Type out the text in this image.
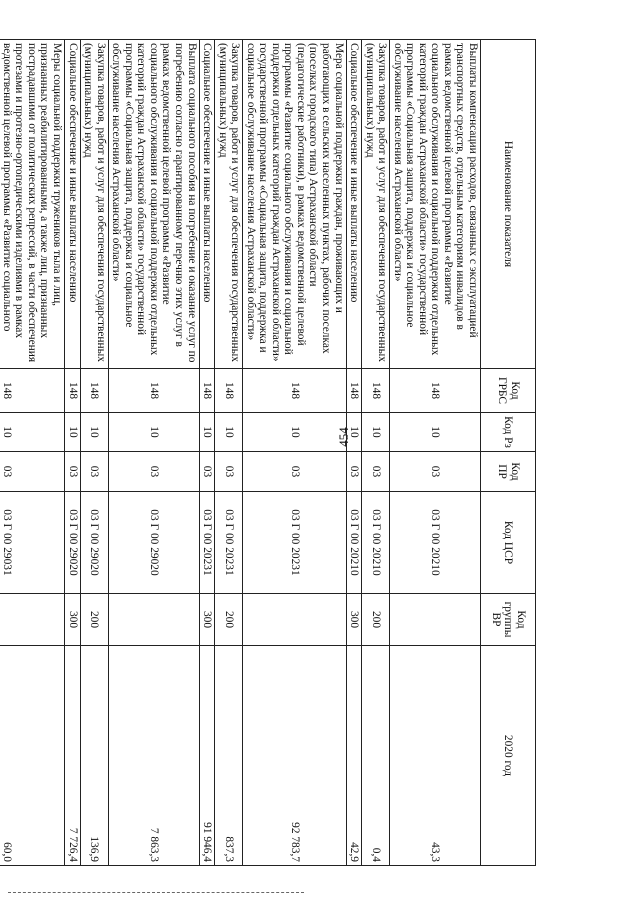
454
Наименование показателя	Код ГРБС	Код Рз	Код ПР	Код ЦСР	Код группы ВР	2020 год
Выплаты компенсации расходов, связанных с эксплуатацией транспортных средств, отдельным категориям инвалидов в рамках ведомственной целевой программы «Развитие социального обслуживания и социальной поддержки отдельных категорий граждан Астраханской области» государственной программы «Социальная защита, поддержка и социальное обслуживание населения Астраханской области»	148	10	03	03 Г 00 20210		43,3
Закупка товаров, работ и услуг для обеспечения государственных (муниципальных) нужд	148	10	03	03 Г 00 20210	200	0,4
Социальное обеспечение и иные выплаты населению	148	10	03	03 Г 00 20210	300	42,9
Мера социальной поддержки граждан, проживающих и работающих в сельских населенных пунктах, рабочих поселках (поселках городского типа) Астраханской области (педагогические работники), в рамках ведомственной целевой программы «Развитие социального обслуживания и социальной поддержки отдельных категорий граждан Астраханской области» государственной программы «Социальная защита, поддержка и социальное обслуживание населения Астраханской области»	148	10	03	03 Г 00 20231		92 783,7
Закупка товаров, работ и услуг для обеспечения государственных (муниципальных) нужд	148	10	03	03 Г 00 20231	200	837,3
Социальное обеспечение и иные выплаты населению	148	10	03	03 Г 00 20231	300	91 946,4
Выплата социального пособия на погребение и оказание услуг по погребению согласно гарантированному перечню этих услуг в рамках ведомственной целевой программы «Развитие социального обслуживания и социальной поддержки отдельных категорий граждан Астраханской области» государственной программы «Социальная защита, поддержка и социальное обслуживание населения Астраханской области»	148	10	03	03 Г 00 29020		7 863,3
Закупка товаров, работ и услуг для обеспечения государственных (муниципальных) нужд	148	10	03	03 Г 00 29020	200	136,9
Социальное обеспечение и иные выплаты населению	148	10	03	03 Г 00 29020	300	7 726,4
Меры социальной поддержки тружеников тыла и лиц, признанных реабилитированными, а также лиц, признанных пострадавшими от политических репрессий, в части обеспечения протезами и протезно-ортопедическими изделиями в рамках ведомственной целевой программы «Развитие социального	148	10	03	03 Г 00 29031		60,0
